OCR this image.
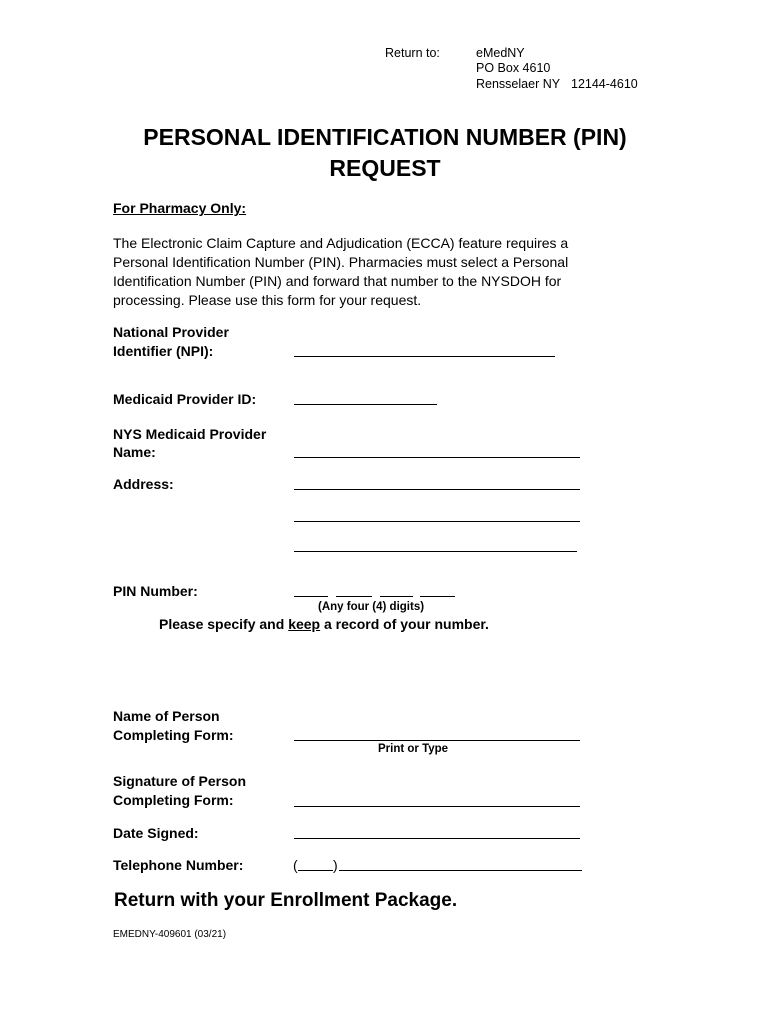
Return to:	eMedNY
PO Box 4610
Rensselaer NY 12144-4610
PERSONAL IDENTIFICATION NUMBER (PIN)
REQUEST
For Pharmacy Only:
The Electronic Claim Capture and Adjudication (ECCA) feature requires a Personal Identification Number (PIN). Pharmacies must select a Personal Identification Number (PIN) and forward that number to the NYSDOH for processing. Please use this form for your request.
National Provider
Identifier (NPI):
Medicaid Provider ID:
NYS Medicaid Provider
Name:
Address:
PIN Number:
(Any four (4) digits)
Please specify and keep a record of your number.
Name of Person
Completing Form:
Print or Type
Signature of Person
Completing Form:
Date Signed:
Telephone Number:	(	)
Return with your Enrollment Package.
EMEDNY-409601 (03/21)
